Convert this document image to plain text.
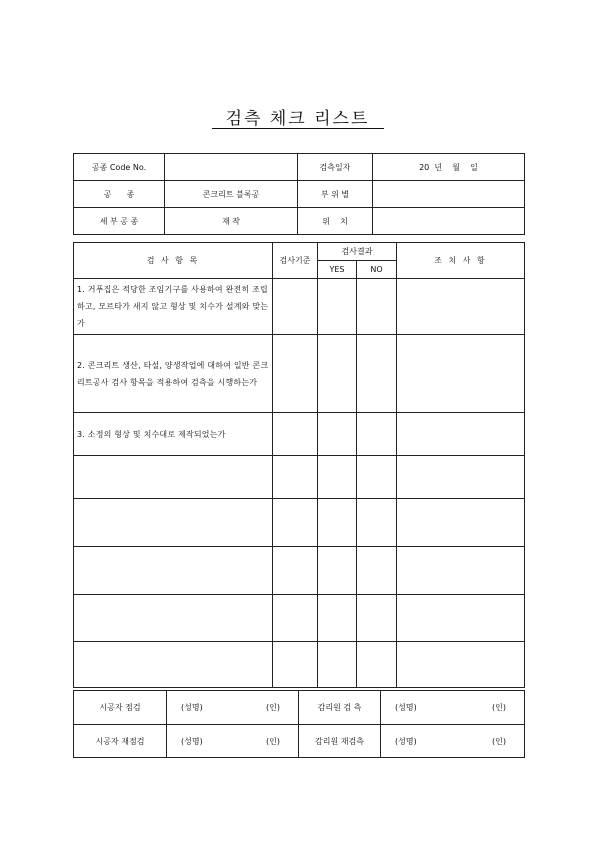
검측 체크 리스트
공종 Code No.		검측일자	20  년    월    일
공      종	콘크리트 블록공	부 위 별	
세 부 공 종	재 작	위    치	
검 사 항 목	검사기준	검사결과		조 치 사 항
		YES	NO	
1. 거푸집은 적당한 조임기구를 사용하여 완전히 조립하고, 모르타가 새지 않고 형상 및 치수가 설계와 맞는가				
2. 콘크리트 생산, 타설, 양생작업에 대하여 일반 콘크리트공사 검사 항목을 적용하여 검측을 시행하는가				
3. 소정의 형상 및 치수대로 제작되었는가				

시공자 점검	(성명) (인)	감리원 검 측	(성명) (인)

시공자 재점검	(성명) (인)	감리원 재검측	(성명) (인)
